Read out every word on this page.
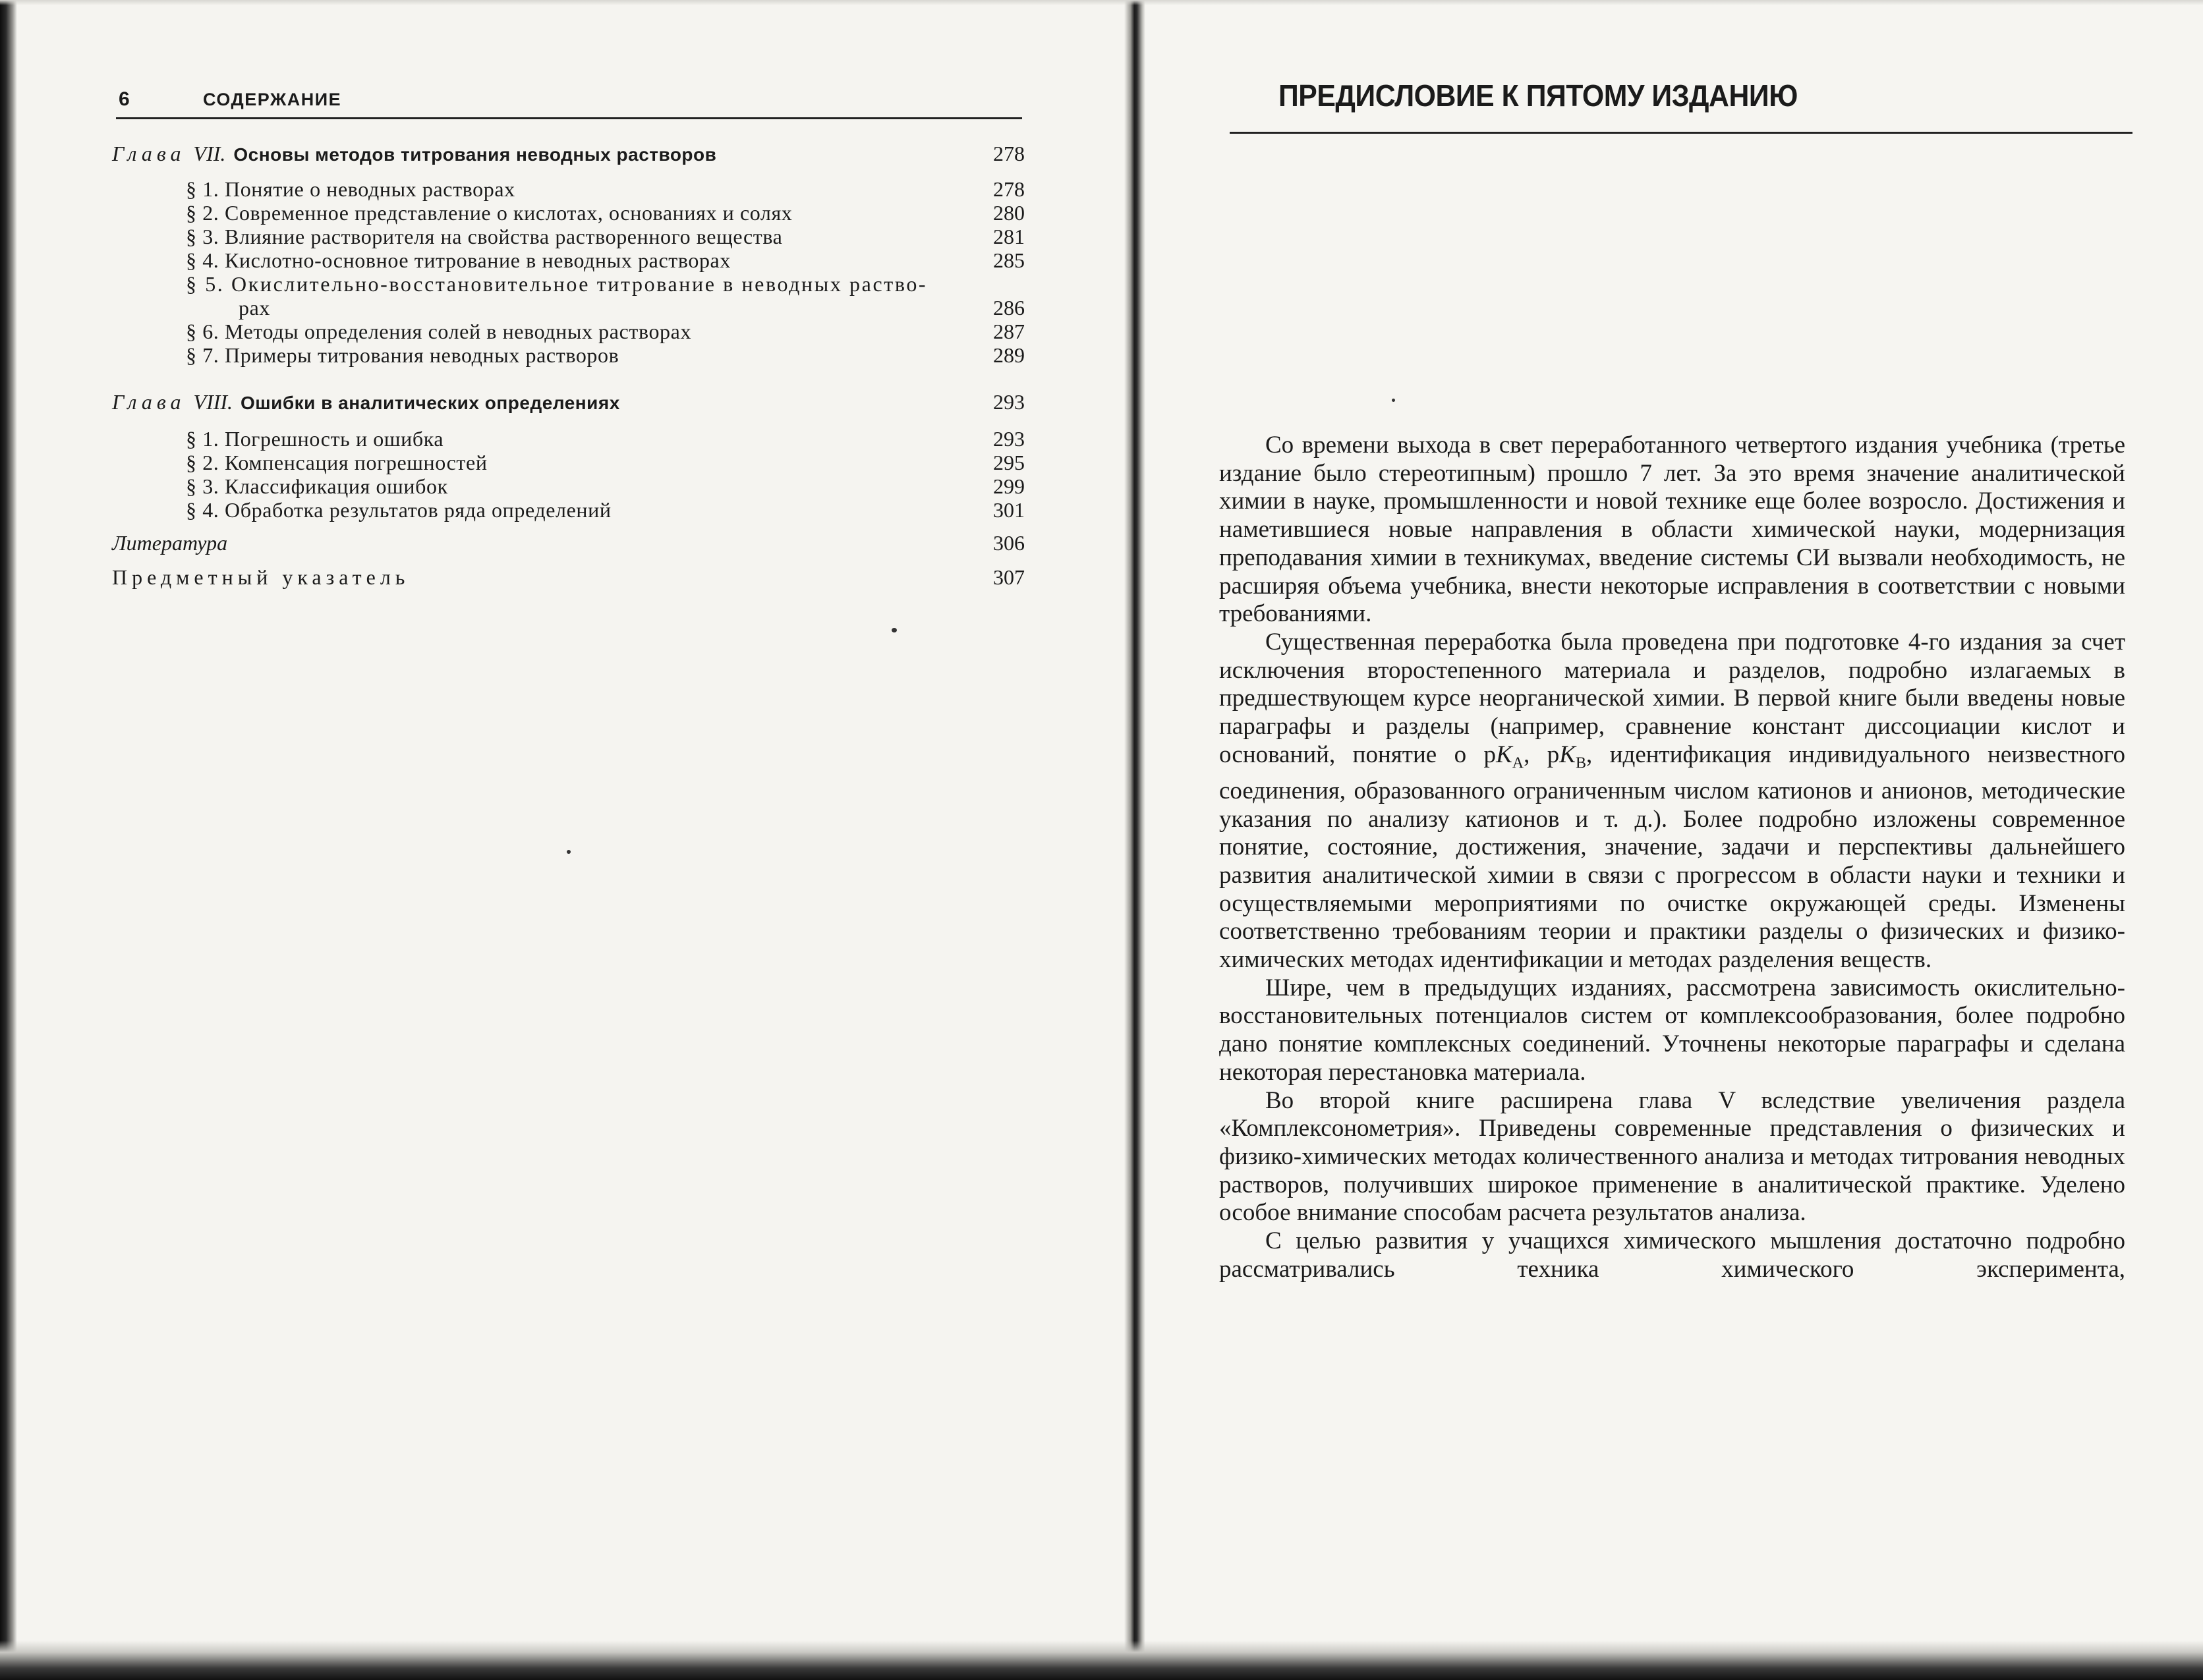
6	СОДЕРЖАНИЕ
Глава VII. Основы методов титрования неводных растворов	278
§ 1. Понятие о неводных растворах	278
§ 2. Современное представление о кислотах, основаниях и солях	280
§ 3. Влияние растворителя на свойства растворенного вещества	281
§ 4. Кислотно-основное титрование в неводных растворах	285
§ 5. Окислительно-восстановительное титрование в неводных раство-
рах	286
§ 6. Методы определения солей в неводных растворах	287
§ 7. Примеры титрования неводных растворов	289
Глава VIII. Ошибки в аналитических определениях	293
§ 1. Погрешность и ошибка	293
§ 2. Компенсация погрешностей	295
§ 3. Классификация ошибок	299
§ 4. Обработка результатов ряда определений	301
Литература	306
Предметный указатель	307
ПРЕДИСЛОВИЕ К ПЯТОМУ ИЗДАНИЮ

Со времени выхода в свет переработанного четвертого издания учебника (третье издание было стереотипным) прошло 7 лет. За это время значение аналитической химии в науке, промышленности и новой технике еще более возросло. Достижения и наметившиеся новые направления в области химической науки, модернизация преподавания химии в техникумах, введение системы СИ вызвали необходимость, не расширяя объема учебника, внести некоторые исправления в соответствии с новыми требованиями.

Существенная переработка была проведена при подготовке 4-го издания за счет исключения второстепенного материала и разделов, подробно излагаемых в предшествующем курсе неорганической химии. В первой книге были введены новые параграфы и разделы (например, сравнение констант диссоциации кислот и оснований, понятие о $pK_A$, $pK_B$, идентификация индивидуального неизвестного соединения, образованного ограниченным числом катионов и анионов, методические указания по анализу катионов и т. д.). Более подробно изложены современное понятие, состояние, достижения, значение, задачи и перспективы дальнейшего развития аналитической химии в связи с прогрессом в области науки и техники и осуществляемыми мероприятиями по очистке окружающей среды. Изменены соответственно требованиям теории и практики разделы о физических и физико-химических методах идентификации и методах разделения веществ.

Шире, чем в предыдущих изданиях, рассмотрена зависимость окислительно-восстановительных потенциалов систем от комплексообразования, более подробно дано понятие комплексных соединений. Уточнены некоторые параграфы и сделана некоторая перестановка материала.

Во второй книге расширена глава V вследствие увеличения раздела «Комплексонометрия». Приведены современные представления о физических и физико-химических методах количественного анализа и методах титрования неводных растворов, получивших широкое применение в аналитической практике. Уделено особое внимание способам расчета результатов анализа.

С целью развития у учащихся химического мышления достаточно подробно рассматривались техника химического эксперимента,
